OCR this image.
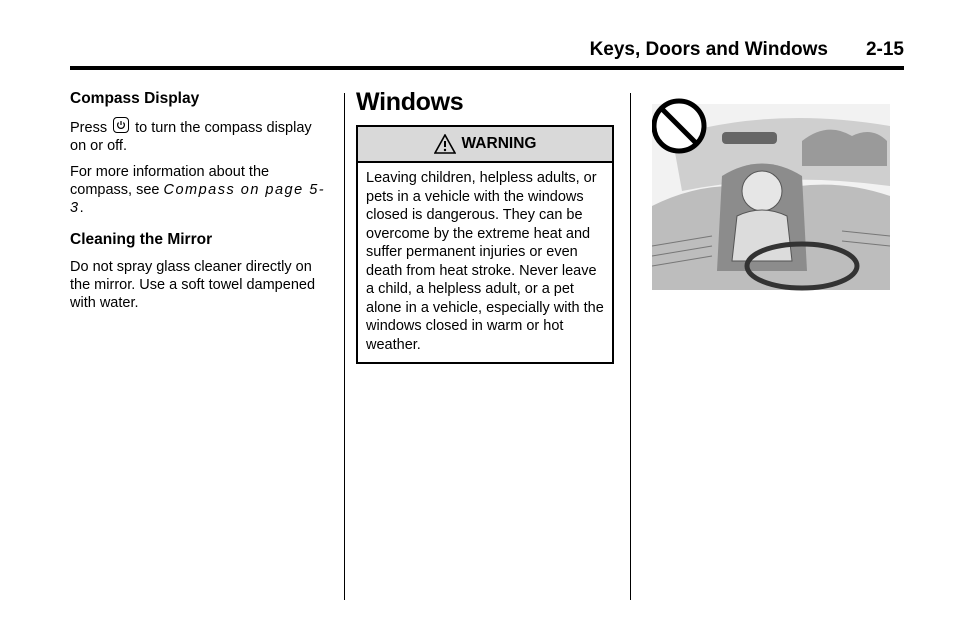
Keys, Doors and Windows 2-15
Compass Display
Press to turn the compass display on or off.
For more information about the compass, see Compass on page 5-3.
Cleaning the Mirror
Do not spray glass cleaner directly on the mirror. Use a soft towel dampened with water.
Windows
WARNING
Leaving children, helpless adults, or pets in a vehicle with the windows closed is dangerous. They can be overcome by the extreme heat and suffer permanent injuries or even death from heat stroke. Never leave a child, a helpless adult, or a pet alone in a vehicle, especially with the windows closed in warm or hot weather.
